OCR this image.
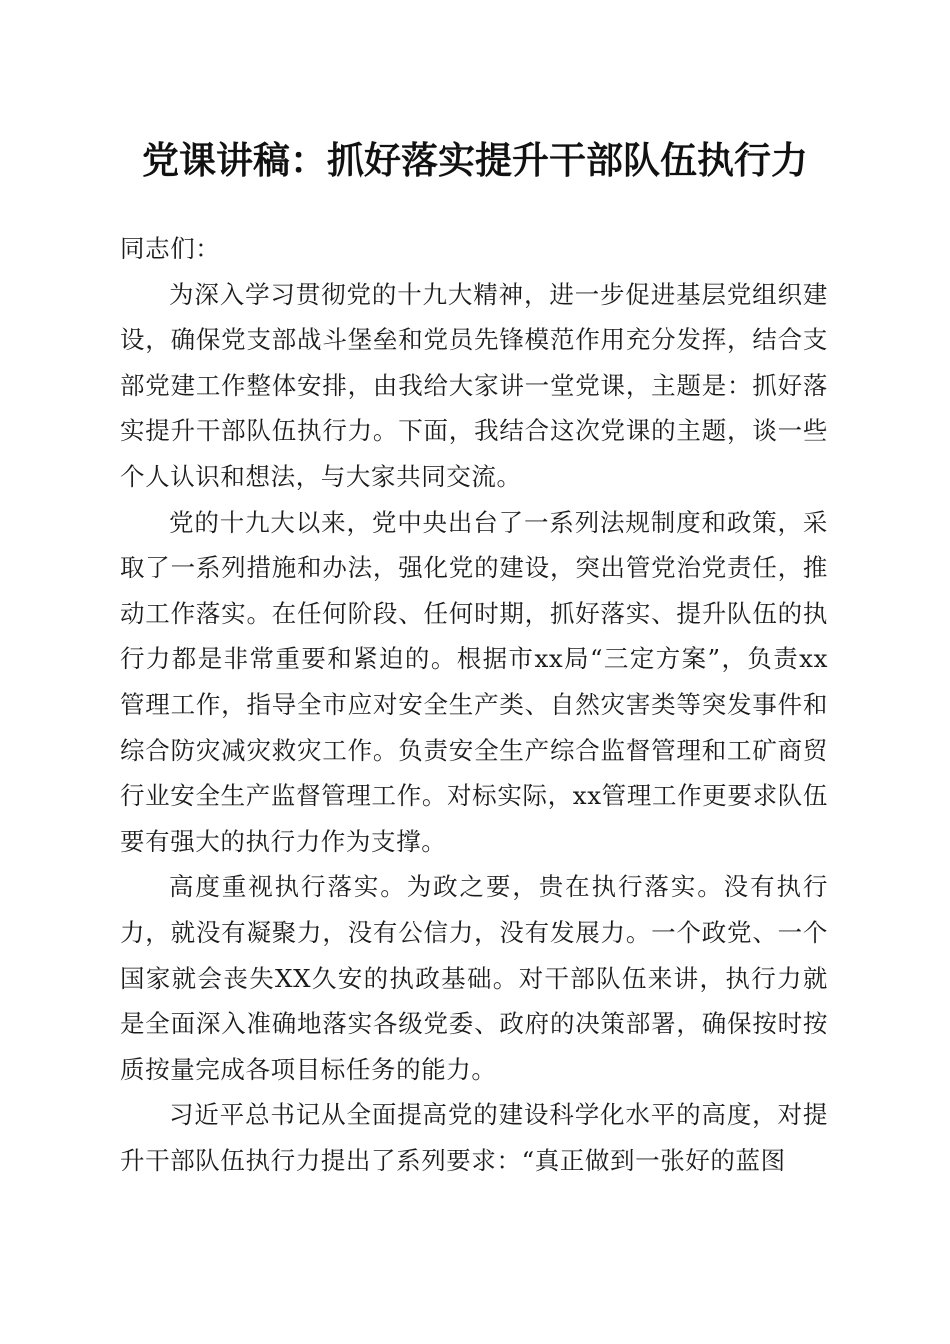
党课讲稿：抓好落实提升干部队伍执行力

同志们：

为深入学习贯彻党的十九大精神，进一步促进基层党组织建设，确保党支部战斗堡垒和党员先锋模范作用充分发挥，结合支部党建工作整体安排，由我给大家讲一堂党课，主题是：抓好落实提升干部队伍执行力。下面，我结合这次党课的主题，谈一些个人认识和想法，与大家共同交流。

党的十九大以来，党中央出台了一系列法规制度和政策，采取了一系列措施和办法，强化党的建设，突出管党治党责任，推动工作落实。在任何阶段、任何时期，抓好落实、提升队伍的执行力都是非常重要和紧迫的。根据市xx局“三定方案”，负责xx管理工作，指导全市应对安全生产类、自然灾害类等突发事件和综合防灾减灾救灾工作。负责安全生产综合监督管理和工矿商贸行业安全生产监督管理工作。对标实际，xx管理工作更要求队伍要有强大的执行力作为支撑。

高度重视执行落实。为政之要，贵在执行落实。没有执行力，就没有凝聚力，没有公信力，没有发展力。一个政党、一个国家就会丧失XX久安的执政基础。对干部队伍来讲，执行力就是全面深入准确地落实各级党委、政府的决策部署，确保按时按质按量完成各项目标任务的能力。

习近平总书记从全面提高党的建设科学化水平的高度，对提升干部队伍执行力提出了系列要求：“真正做到一张好的蓝图
